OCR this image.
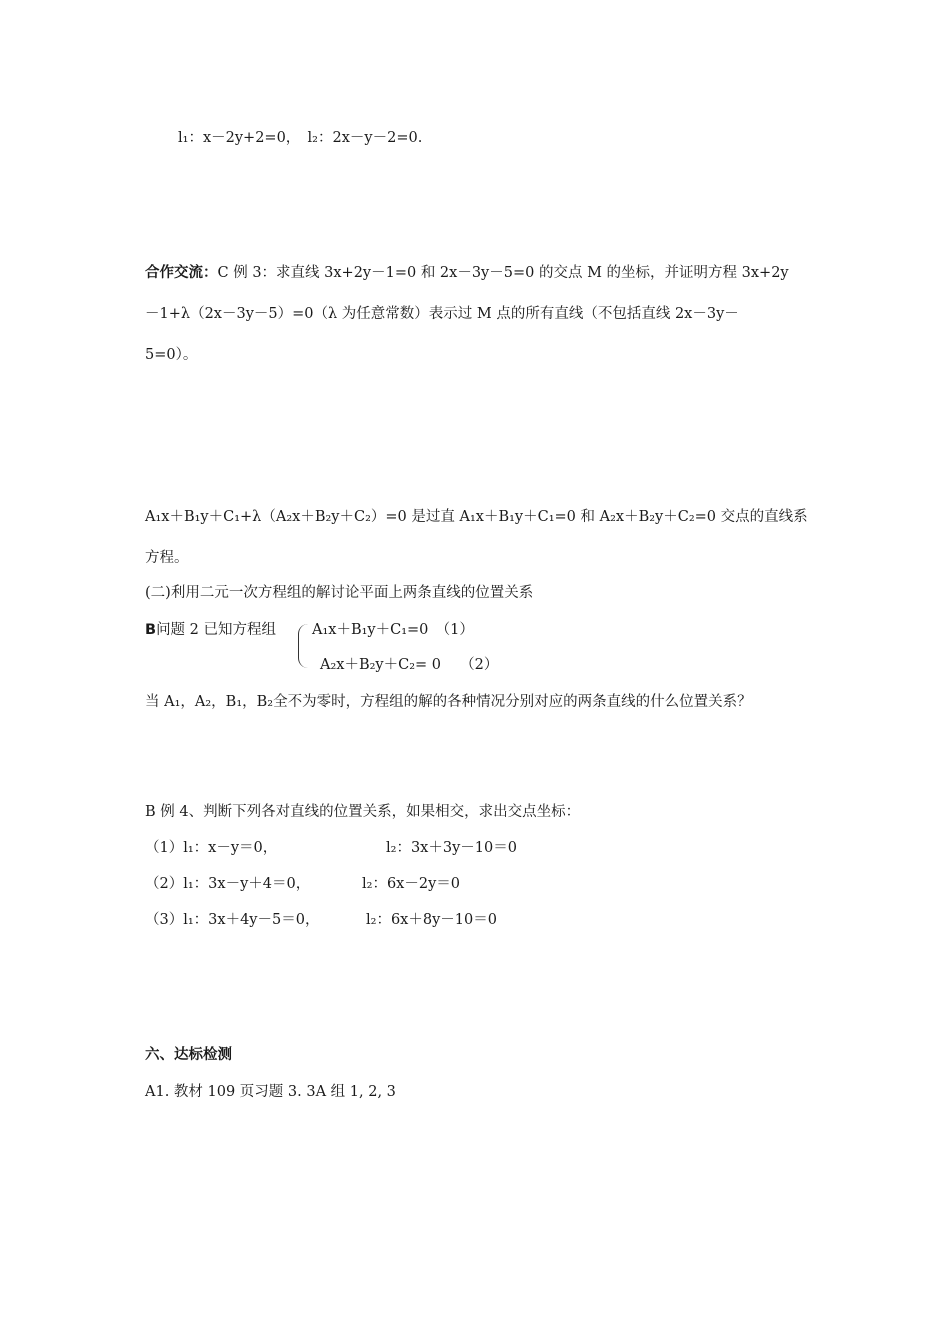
l₁：x－2y+2=0，　l₂：2x－y－2=0.
合作交流：C 例 3：求直线 3x+2y－1=0 和 2x－3y－5=0 的交点 M 的坐标，并证明方程 3x+2y
－1+λ（2x－3y－5）=0（λ 为任意常数）表示过 M 点的所有直线（不包括直线 2x－3y－
5=0）。
A₁x＋B₁y＋C₁+λ（A₂x＋B₂y＋C₂）=0 是过直 A₁x＋B₁y＋C₁=0 和 A₂x＋B₂y＋C₂=0 交点的直线系
方程。
(二)利用二元一次方程组的解讨论平面上两条直线的位置关系
B问题 2 已知方程组 A₁x＋B₁y＋C₁=0　（1）
A₂x＋B₂y＋C₂= 0　 （2）
当 A₁，A₂，B₁，B₂全不为零时，方程组的解的各种情况分别对应的两条直线的什么位置关系？
B 例 4、判断下列各对直线的位置关系，如果相交，求出交点坐标：
（1）l₁：x－y＝0，	l₂：3x＋3y－10＝0
（2）l₁：3x－y＋4＝0，	l₂：6x－2y＝0
（3）l₁：3x＋4y－5＝0，	l₂：6x＋8y－10＝0
六、达标检测
A1. 教材 109 页习题 3. 3A 组 1, 2, 3
